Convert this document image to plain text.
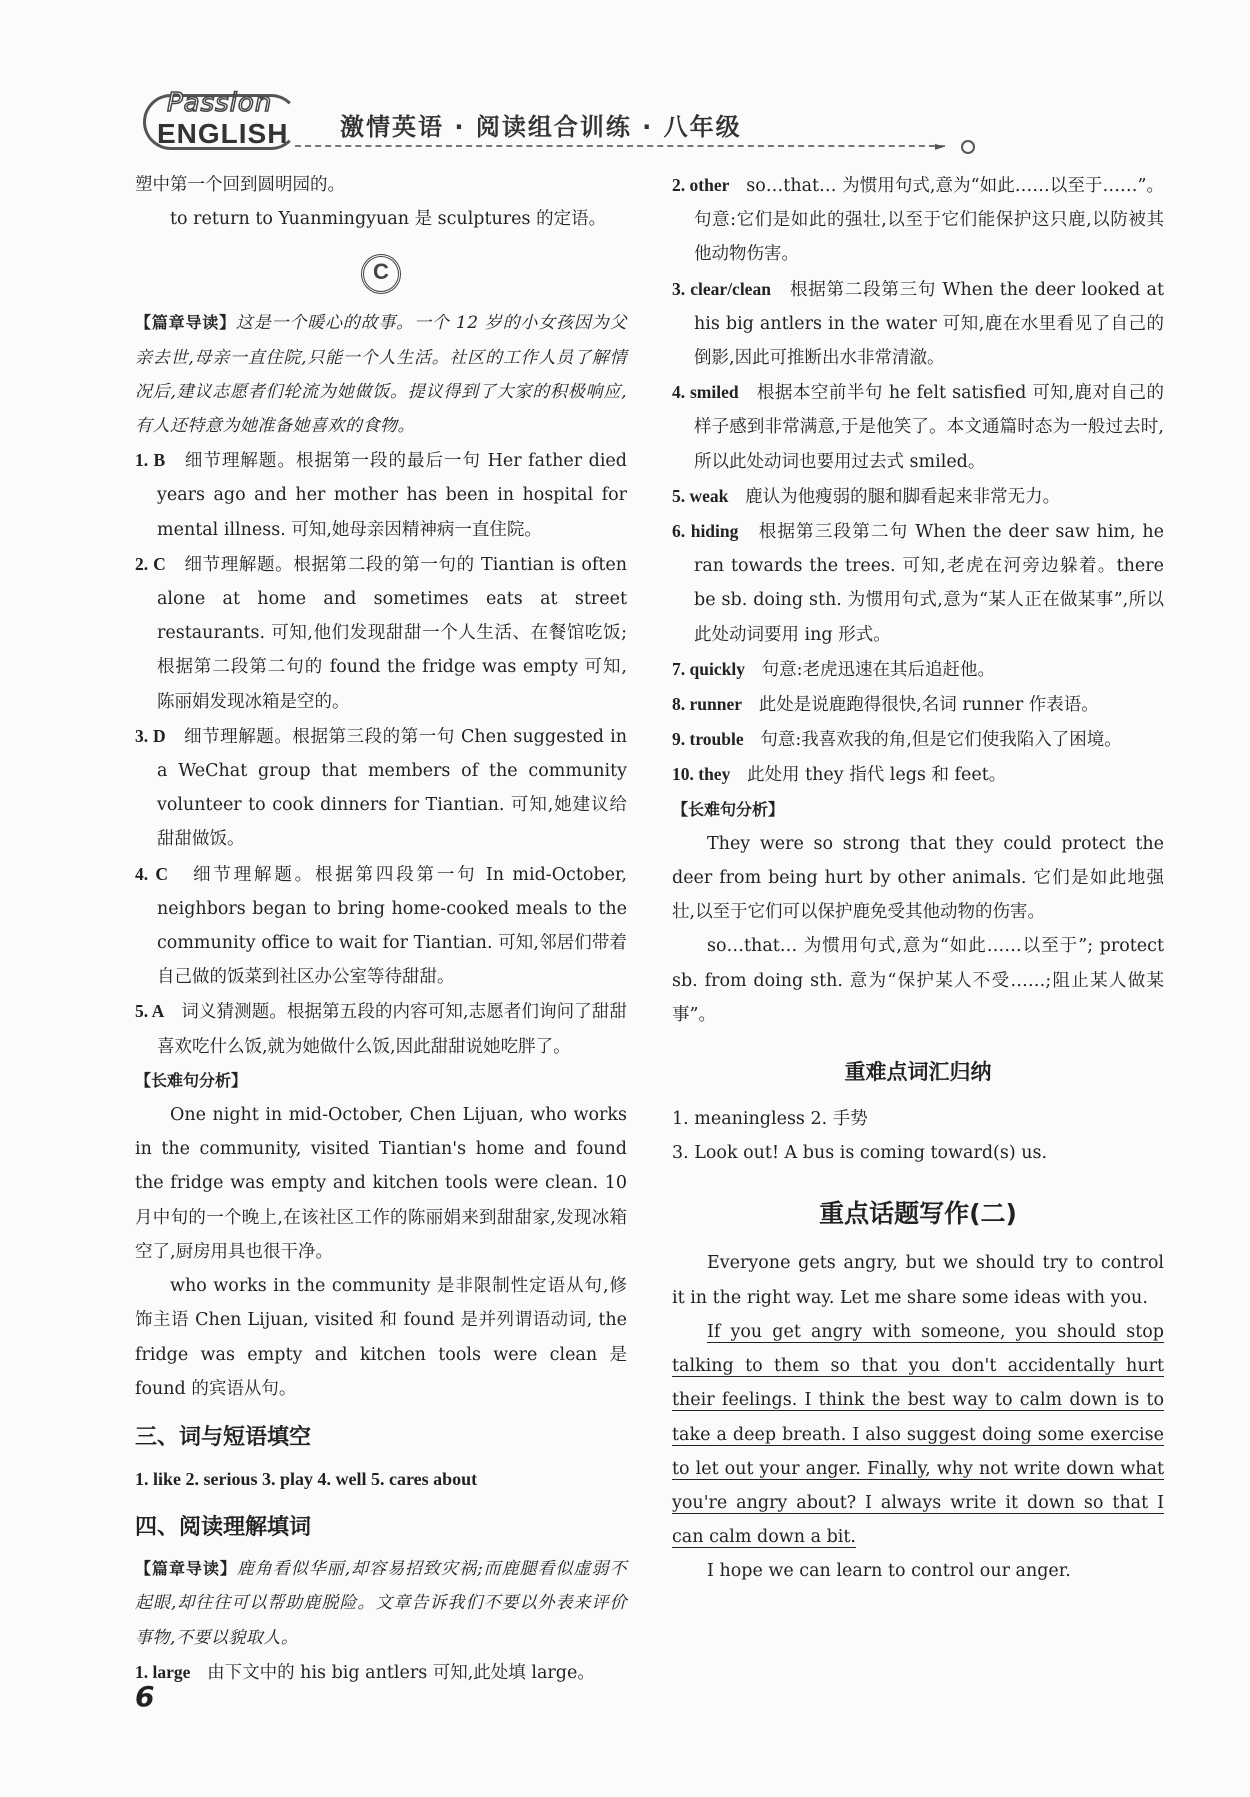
Passion
ENGLISH 激情英语 · 阅读组合训练 · 八年级
►

塑中第一个回到圆明园的。

to return to Yuanmingyuan 是 sculptures 的定语。

C

【篇章导读】这是一个暖心的故事。一个 12 岁的小女孩因为父亲去世,母亲一直住院,只能一个人生活。社区的工作人员了解情况后,建议志愿者们轮流为她做饭。提议得到了大家的积极响应,有人还特意为她准备她喜欢的食物。

1. B 细节理解题。根据第一段的最后一句 Her father died years ago and her mother has been in hospital for mental illness. 可知,她母亲因精神病一直住院。

2. C 细节理解题。根据第二段的第一句的 Tiantian is often alone at home and sometimes eats at street restaurants. 可知,他们发现甜甜一个人生活、在餐馆吃饭;根据第二段第二句的 found the fridge was empty 可知,陈丽娟发现冰箱是空的。

3. D 细节理解题。根据第三段的第一句 Chen suggested in a WeChat group that members of the community volunteer to cook dinners for Tiantian. 可知,她建议给甜甜做饭。

4. C 细节理解题。根据第四段第一句 In mid-October, neighbors began to bring home-cooked meals to the community office to wait for Tiantian. 可知,邻居们带着自己做的饭菜到社区办公室等待甜甜。

5. A 词义猜测题。根据第五段的内容可知,志愿者们询问了甜甜喜欢吃什么饭,就为她做什么饭,因此甜甜说她吃胖了。

【长难句分析】

One night in mid-October, Chen Lijuan, who works in the community, visited Tiantian's home and found the fridge was empty and kitchen tools were clean. 10 月中旬的一个晚上,在该社区工作的陈丽娟来到甜甜家,发现冰箱空了,厨房用具也很干净。

who works in the community 是非限制性定语从句,修饰主语 Chen Lijuan, visited 和 found 是并列谓语动词, the fridge was empty and kitchen tools were clean 是 found 的宾语从句。

三、词与短语填空

1. like 2. serious 3. play 4. well 5. cares about

四、阅读理解填词

【篇章导读】鹿角看似华丽,却容易招致灾祸;而鹿腿看似虚弱不起眼,却往往可以帮助鹿脱险。文章告诉我们不要以外表来评价事物,不要以貌取人。

1. large 由下文中的 his big antlers 可知,此处填 large。

2. other so…that… 为惯用句式,意为“如此……以至于……”。句意:它们是如此的强壮,以至于它们能保护这只鹿,以防被其他动物伤害。

3. clear/clean 根据第二段第三句 When the deer looked at his big antlers in the water 可知,鹿在水里看见了自己的倒影,因此可推断出水非常清澈。

4. smiled 根据本空前半句 he felt satisfied 可知,鹿对自己的样子感到非常满意,于是他笑了。本文通篇时态为一般过去时,所以此处动词也要用过去式 smiled。

5. weak 鹿认为他瘦弱的腿和脚看起来非常无力。

6. hiding 根据第三段第二句 When the deer saw him, he ran towards the trees. 可知,老虎在河旁边躲着。there be sb. doing sth. 为惯用句式,意为“某人正在做某事”,所以此处动词要用 ing 形式。

7. quickly 句意:老虎迅速在其后追赶他。

8. runner 此处是说鹿跑得很快,名词 runner 作表语。

9. trouble 句意:我喜欢我的角,但是它们使我陷入了困境。

10. they 此处用 they 指代 legs 和 feet。

【长难句分析】

They were so strong that they could protect the deer from being hurt by other animals. 它们是如此地强壮,以至于它们可以保护鹿免受其他动物的伤害。

so…that… 为惯用句式,意为“如此……以至于”; protect sb. from doing sth. 意为“保护某人不受……;阻止某人做某事”。

重难点词汇归纳

1. meaningless 2. 手势

3. Look out! A bus is coming toward(s) us.

重点话题写作(二)

Everyone gets angry, but we should try to control it in the right way. Let me share some ideas with you.

If you get angry with someone, you should stop talking to them so that you don't accidentally hurt their feelings. I think the best way to calm down is to take a deep breath. I also suggest doing some exercise to let out your anger. Finally, why not write down what you're angry about? I always write it down so that I can calm down a bit.

I hope we can learn to control our anger.

6
